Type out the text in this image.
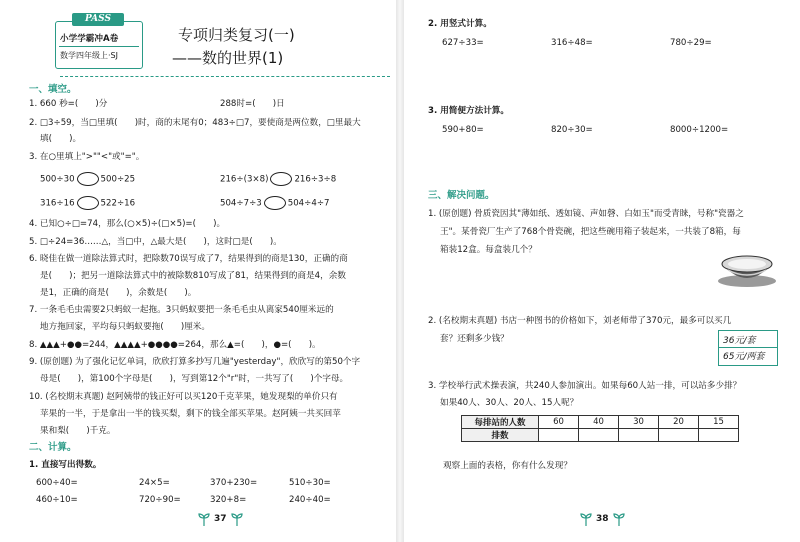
PASS
小学学霸冲A卷
数学四年级上·SJ
专项归类复习(一)
——数的世界(1)
一、填空。
1. 660 秒=(　　)分	288时=(　　)日
2. □3÷59，当□里填(　　)时，商的末尾有0；483÷□7，要使商是两位数，□里最大
填(　　)。
3. 在○里填上">""<"或"="。
500÷30	500÷25	216÷(3×8)	216÷3÷8
316÷16	522÷16	504÷7÷3	504÷4÷7
4. 已知○÷□=74，那么(○×5)÷(□×5)=(　　)。
5. □÷24=36……△，当□中，△最大是(　　)，这时□是(　　)。
6. 晓佳在做一道除法算式时，把除数70误写成了7，结果得到的商是130，正确的商
是(　　)；把另一道除法算式中的被除数810写成了81，结果得到的商是4，余数
是1，正确的商是(　　)，余数是(　　)。
7. 一条毛毛虫需要2只蚂蚁一起拖。3只蚂蚁要把一条毛毛虫从离家540厘米远的
地方拖回家，平均每只蚂蚁要拖(　　)厘米。
8. ▲▲▲+●●=244，▲▲▲▲+●●●●=264，那么▲=(　　)，●=(　　)。
9. (原创题) 为了强化记忆单词，欣欣打算多抄写几遍"yesterday"，欣欣写的第50个字
母是(　　)，第100个字母是(　　)，写到第12个"r"时，一共写了(　　)个字母。
10. (名校期末真题) 赵阿姨带的钱正好可以买120千克苹果，她发现梨的单价只有
苹果的一半，于是拿出一半的钱买梨，剩下的钱全部买苹果。赵阿姨一共买回苹
果和梨(　　)千克。
二、计算。
1. 直接写出得数。
600÷40=	24×5=	370+230=	510÷30=
460÷10=	720÷90=	320+8=	240÷40=
37
2. 用竖式计算。
627÷33=	316÷48=	780÷29=
3. 用简便方法计算。
590+80=	820÷30=	8000÷1200=
三、解决问题。
1. (原创题) 骨质瓷因其"薄如纸、透如镜、声如磬、白如玉"而受青睐，号称"瓷器之
王"。某骨瓷厂生产了768个骨瓷碗，把这些碗用箱子装起来，一共装了8箱，每
箱装12盒。每盒装几个？
2. (名校期末真题) 书店一种图书的价格如下，刘老师带了370元，最多可以买几
套？还剩多少钱？	36元/套
65元/两套
3. 学校举行武术操表演，共240人参加演出。如果每60人站一排，可以站多少排？
如果40人、30人、20人、15人呢？
每排站的人数	60	40	30	20	15
排数					
观察上面的表格，你有什么发现？
38
